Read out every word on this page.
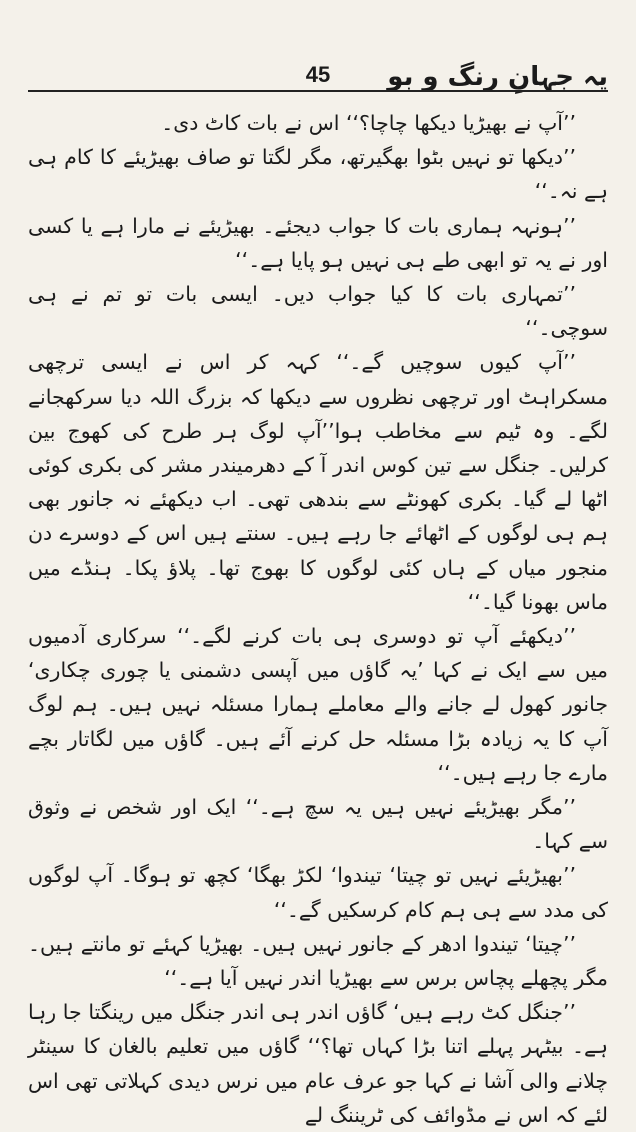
یہ جہانِ رنگ و بو
45

’’آپ نے بھیڑیا دیکھا چاچا؟‘‘ اس نے بات کاٹ دی۔

’’دیکھا تو نہیں بٹوا بھگیرتھ، مگر لگتا تو صاف بھیڑیئے کا کام ہی ہے نہ۔‘‘

’’ہونہہ ہماری بات کا جواب دیجئے۔ بھیڑیئے نے مارا ہے یا کسی اور نے یہ تو ابھی طے ہی نہیں ہو پایا ہے۔‘‘

’’تمہاری بات کا کیا جواب دیں۔ ایسی بات تو تم نے ہی سوچی۔‘‘

’’آپ کیوں سوچیں گے۔‘‘ کہہ کر اس نے ایسی ترچھی مسکراہٹ اور ترچھی نظروں سے دیکھا کہ بزرگ اللہ دیا سرکھجانے لگے۔ وہ ٹیم سے مخاطب ہوا’’آپ لوگ ہر طرح کی کھوج بین کرلیں۔ جنگل سے تین کوس اندر آ کے دھرمیندر مشر کی بکری کوئی اٹھا لے گیا۔ بکری کھونٹے سے بندھی تھی۔ اب دیکھئے نہ جانور بھی ہم ہی لوگوں کے اٹھائے جا رہے ہیں۔ سنتے ہیں اس کے دوسرے دن منجور میاں کے ہاں کئی لوگوں کا بھوج تھا۔ پلاؤ پکا۔ ہنڈے میں ماس بھونا گیا۔‘‘

’’دیکھئے آپ تو دوسری ہی بات کرنے لگے۔‘‘ سرکاری آدمیوں میں سے ایک نے کہا ’یہ گاؤں میں آپسی دشمنی یا چوری چکاری‘ جانور کھول لے جانے والے معاملے ہمارا مسئلہ نہیں ہیں۔ ہم لوگ آپ کا یہ زیادہ بڑا مسئلہ حل کرنے آئے ہیں۔ گاؤں میں لگاتار بچے مارے جا رہے ہیں۔‘‘

’’مگر بھیڑیئے نہیں ہیں یہ سچ ہے۔‘‘ ایک اور شخص نے وثوق سے کہا۔

’’بھیڑیئے نہیں تو چیتا‘ تیندوا‘ لکڑ بھگا‘ کچھ تو ہوگا۔ آپ لوگوں کی مدد سے ہی ہم کام کرسکیں گے۔‘‘

’’چیتا‘ تیندوا ادھر کے جانور نہیں ہیں۔ بھیڑیا کہئے تو مانتے ہیں۔ مگر پچھلے پچاس برس سے بھیڑیا اندر نہیں آیا ہے۔‘‘

’’جنگل کٹ رہے ہیں‘ گاؤں اندر ہی اندر جنگل میں رینگتا جا رہا ہے۔ بیٹہر پہلے اتنا بڑا کہاں تھا؟‘‘ گاؤں میں تعلیم بالغان کا سینٹر چلانے والی آشا نے کہا جو عرف عام میں نرس دیدی کہلاتی تھی اس لئے کہ اس نے مڈوائف کی ٹریننگ لے
